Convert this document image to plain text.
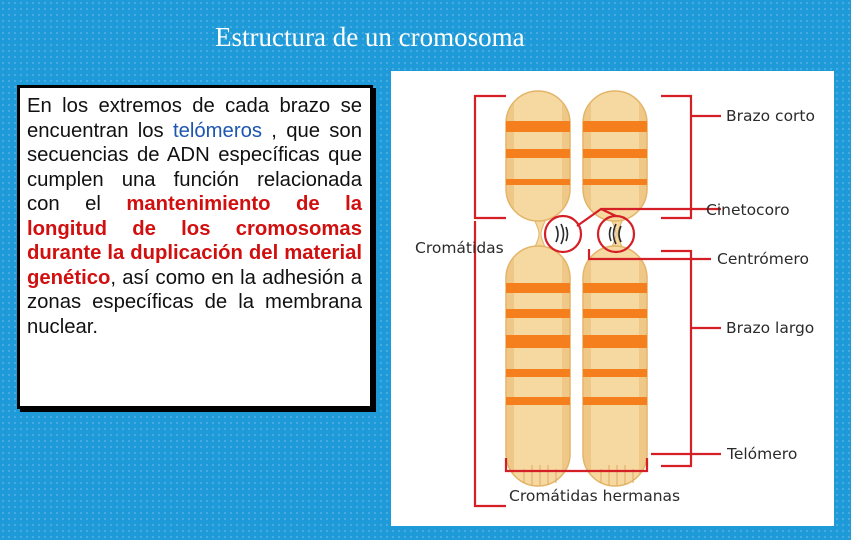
Estructura de un cromosoma

En los extremos de cada brazo se encuentran los telómeros , que son secuencias de ADN específicas que cumplen una función relacionada con el mantenimiento de la longitud de los cromosomas durante la duplicación del material genético, así como en la adhesión a zonas específicas de la membrana nuclear.

Brazo corto
Cinetocoro
Cromátidas
Centrómero
Brazo largo
Telómero
Cromátidas hermanas
